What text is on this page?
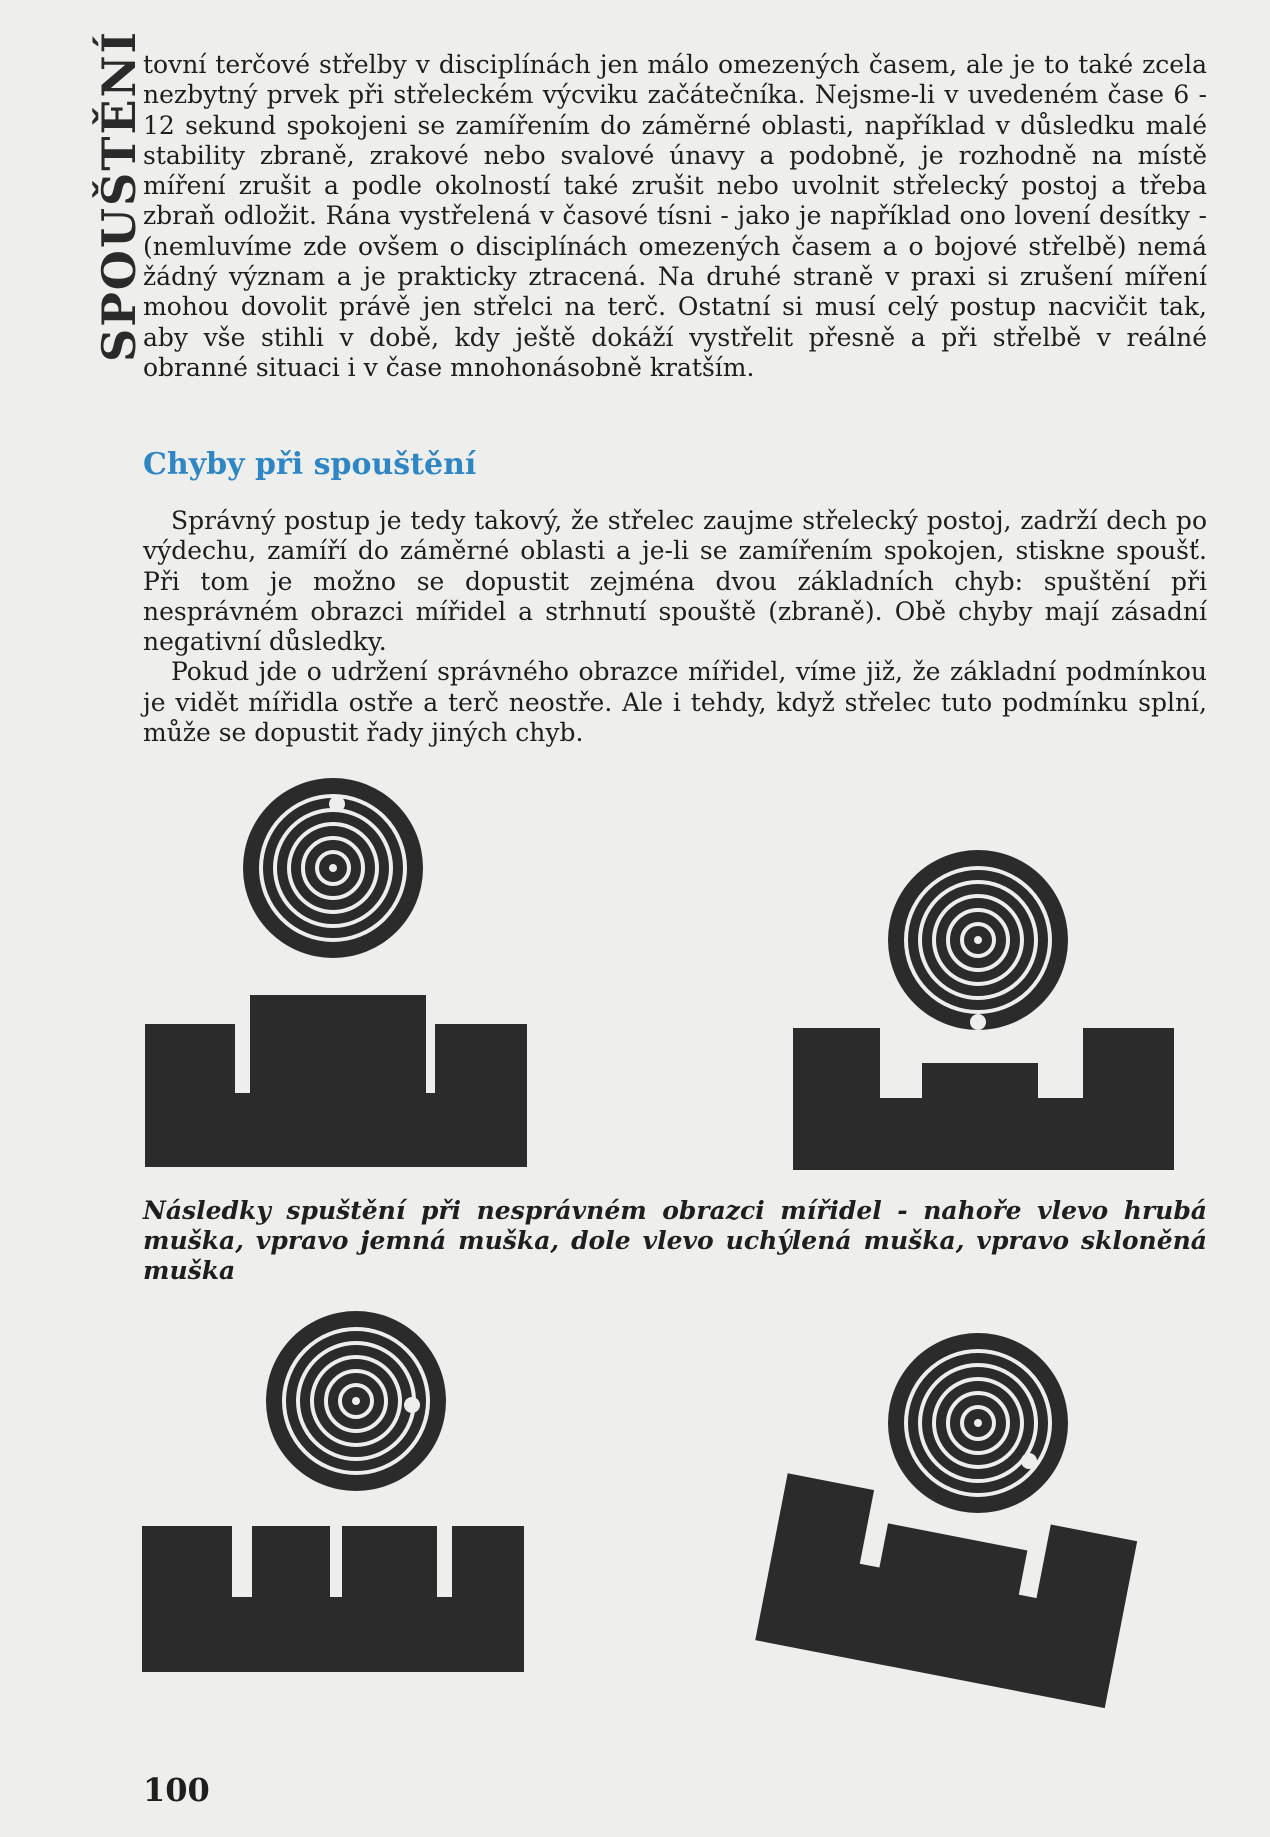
SPOUŠTĚNÍ

tovní terčové střelby v disciplínách jen málo omezených časem, ale je to také zcela nezbytný prvek při střeleckém výcviku začátečníka. Nejsme-li v uvedeném čase 6 - 12 sekund spokojeni se zamířením do záměrné oblasti, například v důsledku malé stability zbraně, zrakové nebo svalové únavy a podobně, je rozhodně na místě míření zrušit a podle okolností také zrušit nebo uvolnit střelecký postoj a třeba zbraň odložit. Rána vystřelená v časové tísni - jako je například ono lovení desítky - (nemluvíme zde ovšem o disciplínách omezených časem a o bojové střelbě) nemá žádný význam a je prakticky ztracená. Na druhé straně v praxi si zrušení míření mohou dovolit právě jen střelci na terč. Ostatní si musí celý postup nacvičit tak, aby vše stihli v době, kdy ještě dokáží vystřelit přesně a při střelbě v reálné obranné situaci i v čase mnohonásobně kratším.

Chyby při spouštění

Správný postup je tedy takový, že střelec zaujme střelecký postoj, zadrží dech po výdechu, zamíří do záměrné oblasti a je-li se zamířením spokojen, stiskne spoušť. Při tom je možno se dopustit zejména dvou základních chyb: spuštění při nesprávném obrazci mířidel a strhnutí spouště (zbraně). Obě chyby mají zásadní negativní důsledky.

Pokud jde o udržení správného obrazce mířidel, víme již, že základní podmínkou je vidět mířidla ostře a terč neostře. Ale i tehdy, když střelec tuto podmínku splní, může se dopustit řady jiných chyb.

Následky spuštění při nesprávném obrazci mířidel - nahoře vlevo hrubá muška, vpravo jemná muška, dole vlevo uchýlená muška, vpravo skloněná muška
100
